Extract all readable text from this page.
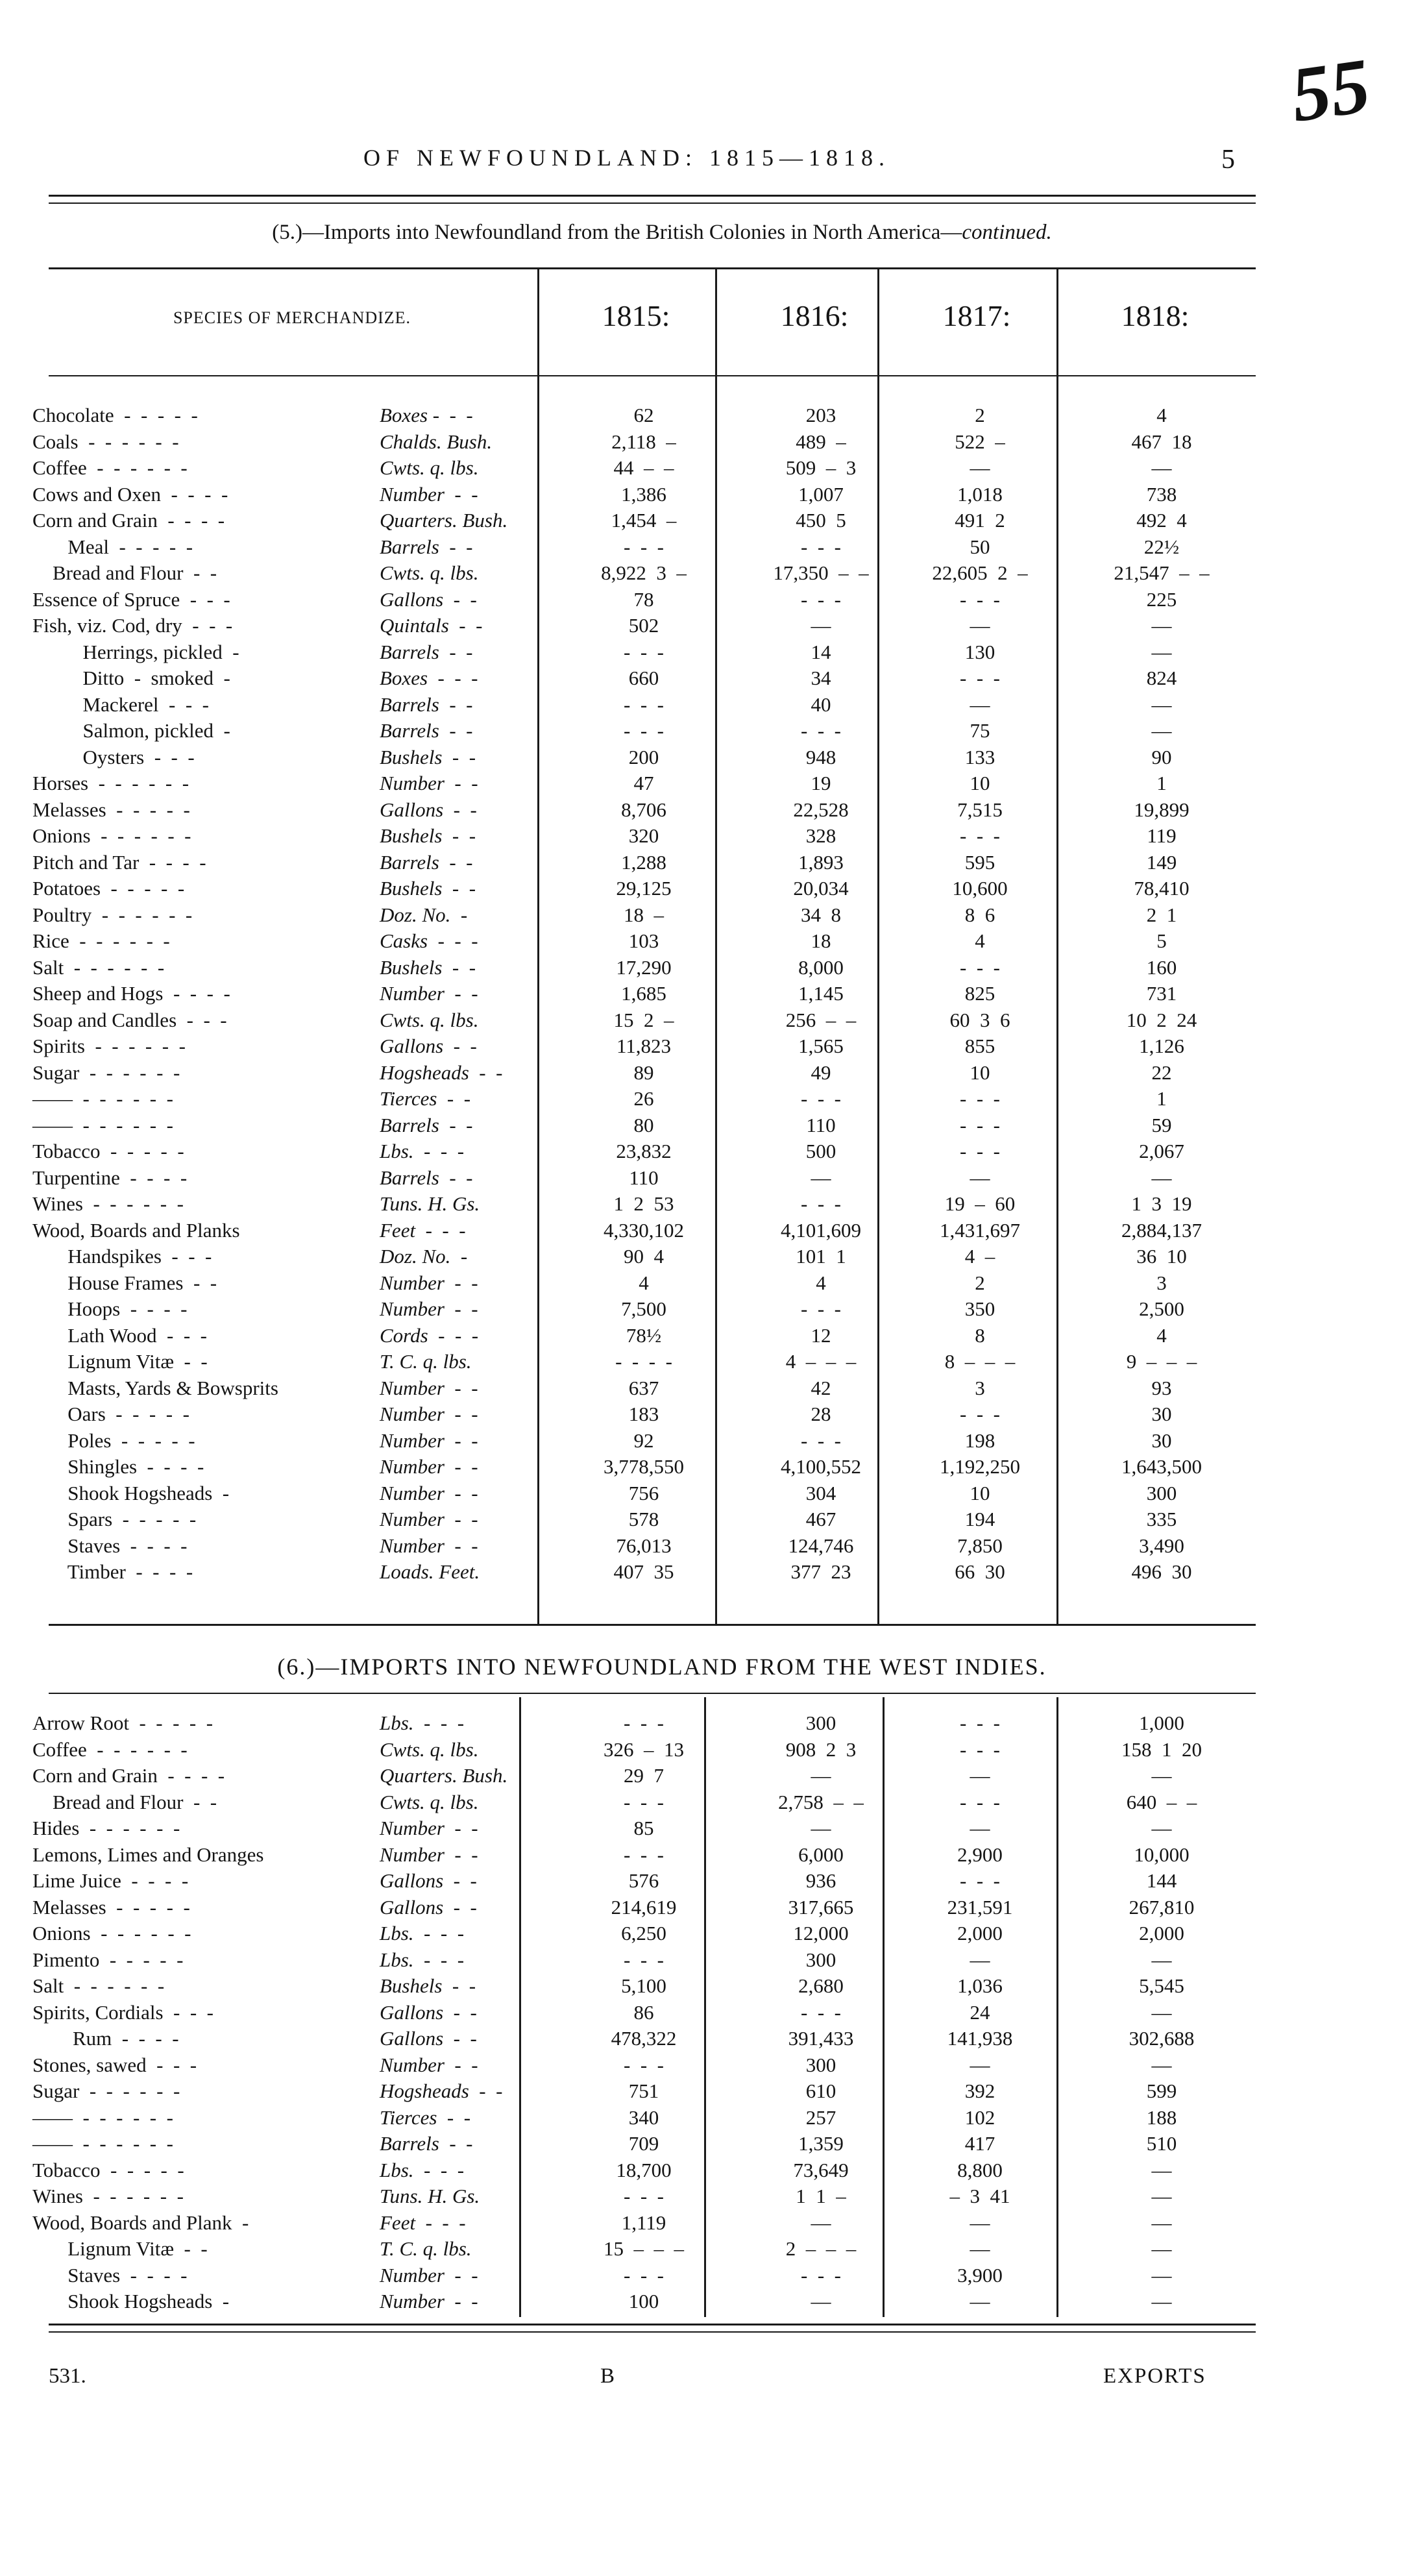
OF NEWFOUNDLAND: 1815—1818.	5
55
(5.)—Imports into Newfoundland from the British Colonies in North America—continued.
SPECIES OF MERCHANDIZE.	1815:	1816:	1817:	1818:
Chocolate  -  -  -  -  -	Boxes -  -  -	62	203	2	4
Coals  -  -  -  -  -  -	Chalds. Bush.	2,118  –	489  –	522  –	467  18
Coffee  -  -  -  -  -  -	Cwts. q. lbs.	44  –  –	509  –  3	—	—
Cows and Oxen  -  -  -  -	Number  -  -	1,386	1,007	1,018	738
Corn and Grain  -  -  -  -	Quarters. Bush.	1,454  –	450  5	491  2	492  4
Meal  -  -  -  -  -	Barrels  -  -	-  -  -	-  -  -	50	22½
Bread and Flour  -  -	Cwts. q. lbs.	8,922  3  –	17,350  –  –	22,605  2  –	21,547  –  –
Essence of Spruce  -  -  -	Gallons  -  -	78	-  -  -	-  -  -	225
Fish, viz. Cod, dry  -  -  -	Quintals  -  -	502	—	—	—
Herrings, pickled  -	Barrels  -  -	-  -  -	14	130	—
Ditto  -  smoked  -	Boxes  -  -  -	660	34	-  -  -	824
Mackerel  -  -  -	Barrels  -  -	-  -  -	40	—	—
Salmon, pickled  -	Barrels  -  -	-  -  -	-  -  -	75	—
Oysters  -  -  -	Bushels  -  -	200	948	133	90
Horses  -  -  -  -  -  -	Number  -  -	47	19	10	1
Melasses  -  -  -  -  -	Gallons  -  -	8,706	22,528	7,515	19,899
Onions  -  -  -  -  -  -	Bushels  -  -	320	328	-  -  -	119
Pitch and Tar  -  -  -  -	Barrels  -  -	1,288	1,893	595	149
Potatoes  -  -  -  -  -	Bushels  -  -	29,125	20,034	10,600	78,410
Poultry  -  -  -  -  -  -	Doz. No.  -	18  –	34  8	8  6	2  1
Rice  -  -  -  -  -  -	Casks  -  -  -	103	18	4	5
Salt  -  -  -  -  -  -	Bushels  -  -	17,290	8,000	-  -  -	160
Sheep and Hogs  -  -  -  -	Number  -  -	1,685	1,145	825	731
Soap and Candles  -  -  -	Cwts. q. lbs.	15  2  –	256  –  –	60  3  6	10  2  24
Spirits  -  -  -  -  -  -	Gallons  -  -	11,823	1,565	855	1,126
Sugar  -  -  -  -  -  -	Hogsheads  -  -	89	49	10	22
——  -  -  -  -  -  -	Tierces  -  -	26	-  -  -	-  -  -	1
——  -  -  -  -  -  -	Barrels  -  -	80	110	-  -  -	59
Tobacco  -  -  -  -  -	Lbs.  -  -  -	23,832	500	-  -  -	2,067
Turpentine  -  -  -  -	Barrels  -  -	110	—	—	—
Wines  -  -  -  -  -  -	Tuns. H. Gs.	1  2  53	-  -  -	19  –  60	1  3  19
Wood, Boards and Planks	Feet  -  -  -	4,330,102	4,101,609	1,431,697	2,884,137
Handspikes  -  -  -	Doz. No.  -	90  4	101  1	4  –	36  10
House Frames  -  -	Number  -  -	4	4	2	3
Hoops  -  -  -  -	Number  -  -	7,500	-  -  -	350	2,500
Lath Wood  -  -  -	Cords  -  -  -	78½	12	8	4
Lignum Vitæ  -  -	T. C. q. lbs.	-  -  -  -	4  –  –  –	8  –  –  –	9  –  –  –
Masts, Yards & Bowsprits	Number  -  -	637	42	3	93
Oars  -  -  -  -  -	Number  -  -	183	28	-  -  -	30
Poles  -  -  -  -  -	Number  -  -	92	-  -  -	198	30
Shingles  -  -  -  -	Number  -  -	3,778,550	4,100,552	1,192,250	1,643,500
Shook Hogsheads  -	Number  -  -	756	304	10	300
Spars  -  -  -  -  -	Number  -  -	578	467	194	335
Staves  -  -  -  -	Number  -  -	76,013	124,746	7,850	3,490
Timber  -  -  -  -	Loads. Feet.	407  35	377  23	66  30	496  30
(6.)—IMPORTS INTO NEWFOUNDLAND FROM THE WEST INDIES.
Arrow Root  -  -  -  -  -	Lbs.  -  -  -	-  -  -	300	-  -  -	1,000
Coffee  -  -  -  -  -  -	Cwts. q. lbs.	326  –  13	908  2  3	-  -  -	158  1  20
Corn and Grain  -  -  -  -	Quarters. Bush.	29  7	—	—	—
Bread and Flour  -  -	Cwts. q. lbs.	-  -  -	2,758  –  –	-  -  -	640  –  –
Hides  -  -  -  -  -  -	Number  -  -	85	—	—	—
Lemons, Limes and Oranges	Number  -  -	-  -  -	6,000	2,900	10,000
Lime Juice  -  -  -  -	Gallons  -  -	576	936	-  -  -	144
Melasses  -  -  -  -  -	Gallons  -  -	214,619	317,665	231,591	267,810
Onions  -  -  -  -  -  -	Lbs.  -  -  -	6,250	12,000	2,000	2,000
Pimento  -  -  -  -  -	Lbs.  -  -  -	-  -  -	300	—	—
Salt  -  -  -  -  -  -	Bushels  -  -	5,100	2,680	1,036	5,545
Spirits, Cordials  -  -  -	Gallons  -  -	86	-  -  -	24	—
Rum  -  -  -  -	Gallons  -  -	478,322	391,433	141,938	302,688
Stones, sawed  -  -  -	Number  -  -	-  -  -	300	—	—
Sugar  -  -  -  -  -  -	Hogsheads  -  -	751	610	392	599
——  -  -  -  -  -  -	Tierces  -  -	340	257	102	188
——  -  -  -  -  -  -	Barrels  -  -	709	1,359	417	510
Tobacco  -  -  -  -  -	Lbs.  -  -  -	18,700	73,649	8,800	—
Wines  -  -  -  -  -  -	Tuns. H. Gs.	-  -  -	1  1  –	–  3  41	—
Wood, Boards and Plank  -	Feet  -  -  -	1,119	—	—	—
Lignum Vitæ  -  -	T. C. q. lbs.	15  –  –  –	2  –  –  –	—	—
Staves  -  -  -  -	Number  -  -	-  -  -	-  -  -	3,900	—
Shook Hogsheads  -	Number  -  -	100	—	—	—
531.	B	EXPORTS
